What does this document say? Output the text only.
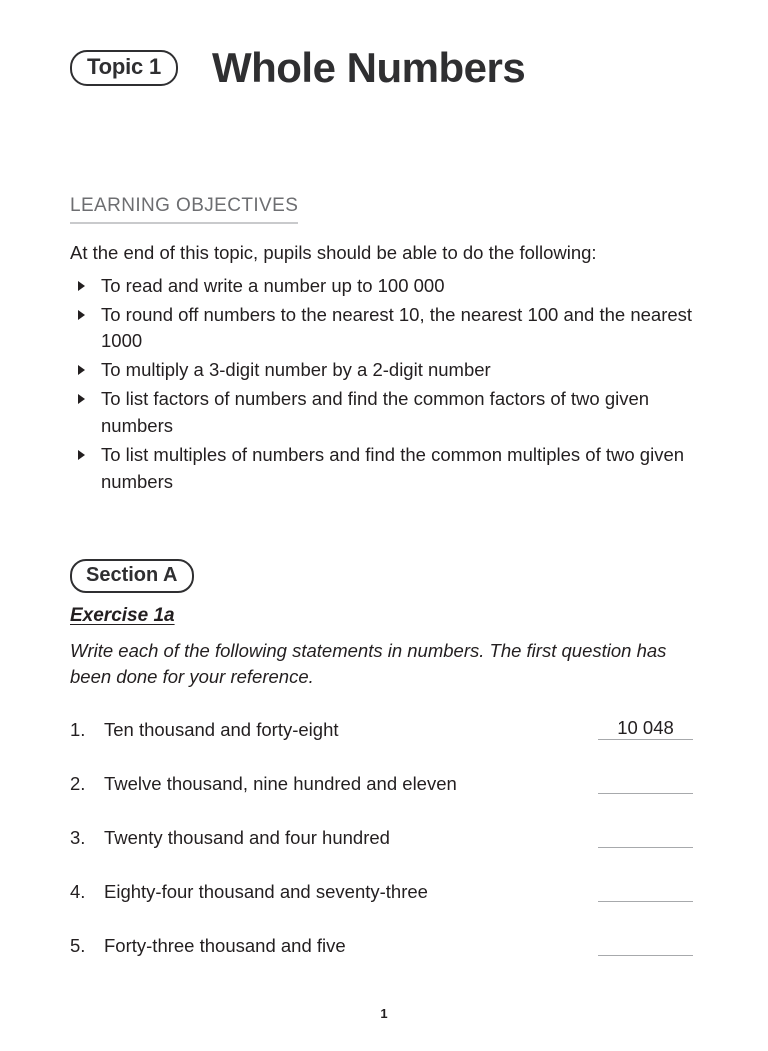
Topic 1	Whole Numbers
LEARNING OBJECTIVES
At the end of this topic, pupils should be able to do the following:
To read and write a number up to 100 000
To round off numbers to the nearest 10, the nearest 100 and the nearest 1000
To multiply a 3-digit number by a 2-digit number
To list factors of numbers and find the common factors of two given numbers
To list multiples of numbers and find the common multiples of two given numbers
Section A
Exercise 1a
Write each of the following statements in numbers. The first question has been done for your reference.
1. Ten thousand and forty-eight	10 048
2. Twelve thousand, nine hundred and eleven
3. Twenty thousand and four hundred
4. Eighty-four thousand and seventy-three
5. Forty-three thousand and five
1
